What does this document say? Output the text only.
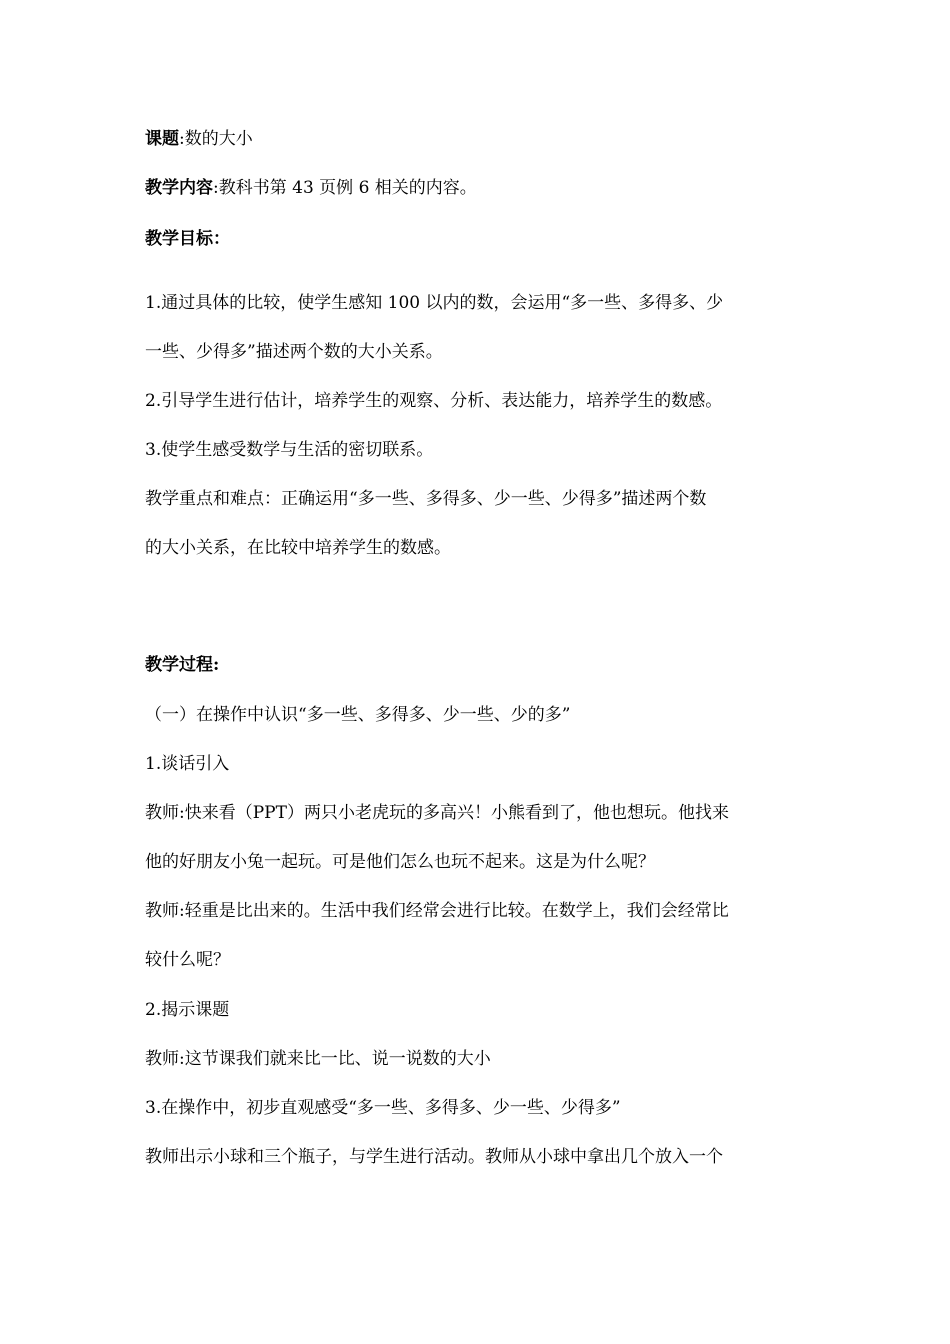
课题:数的大小

教学内容:教科书第 43 页例 6 相关的内容。

教学目标：

1.通过具体的比较，使学生感知 100 以内的数，会运用“多一些、多得多、少

一些、少得多”描述两个数的大小关系。

2.引导学生进行估计，培养学生的观察、分析、表达能力，培养学生的数感。

3.使学生感受数学与生活的密切联系。

教学重点和难点：正确运用“多一些、多得多、少一些、少得多”描述两个数

的大小关系，在比较中培养学生的数感。

教学过程:

（一）在操作中认识“多一些、多得多、少一些、少的多”

1.谈话引入

教师:快来看（PPT）两只小老虎玩的多高兴！小熊看到了，他也想玩。他找来

他的好朋友小兔一起玩。可是他们怎么也玩不起来。这是为什么呢？

教师:轻重是比出来的。生活中我们经常会进行比较。在数学上，我们会经常比

较什么呢？

2.揭示课题

教师:这节课我们就来比一比、说一说数的大小

3.在操作中，初步直观感受“多一些、多得多、少一些、少得多”

教师出示小球和三个瓶子，与学生进行活动。教师从小球中拿出几个放入一个
